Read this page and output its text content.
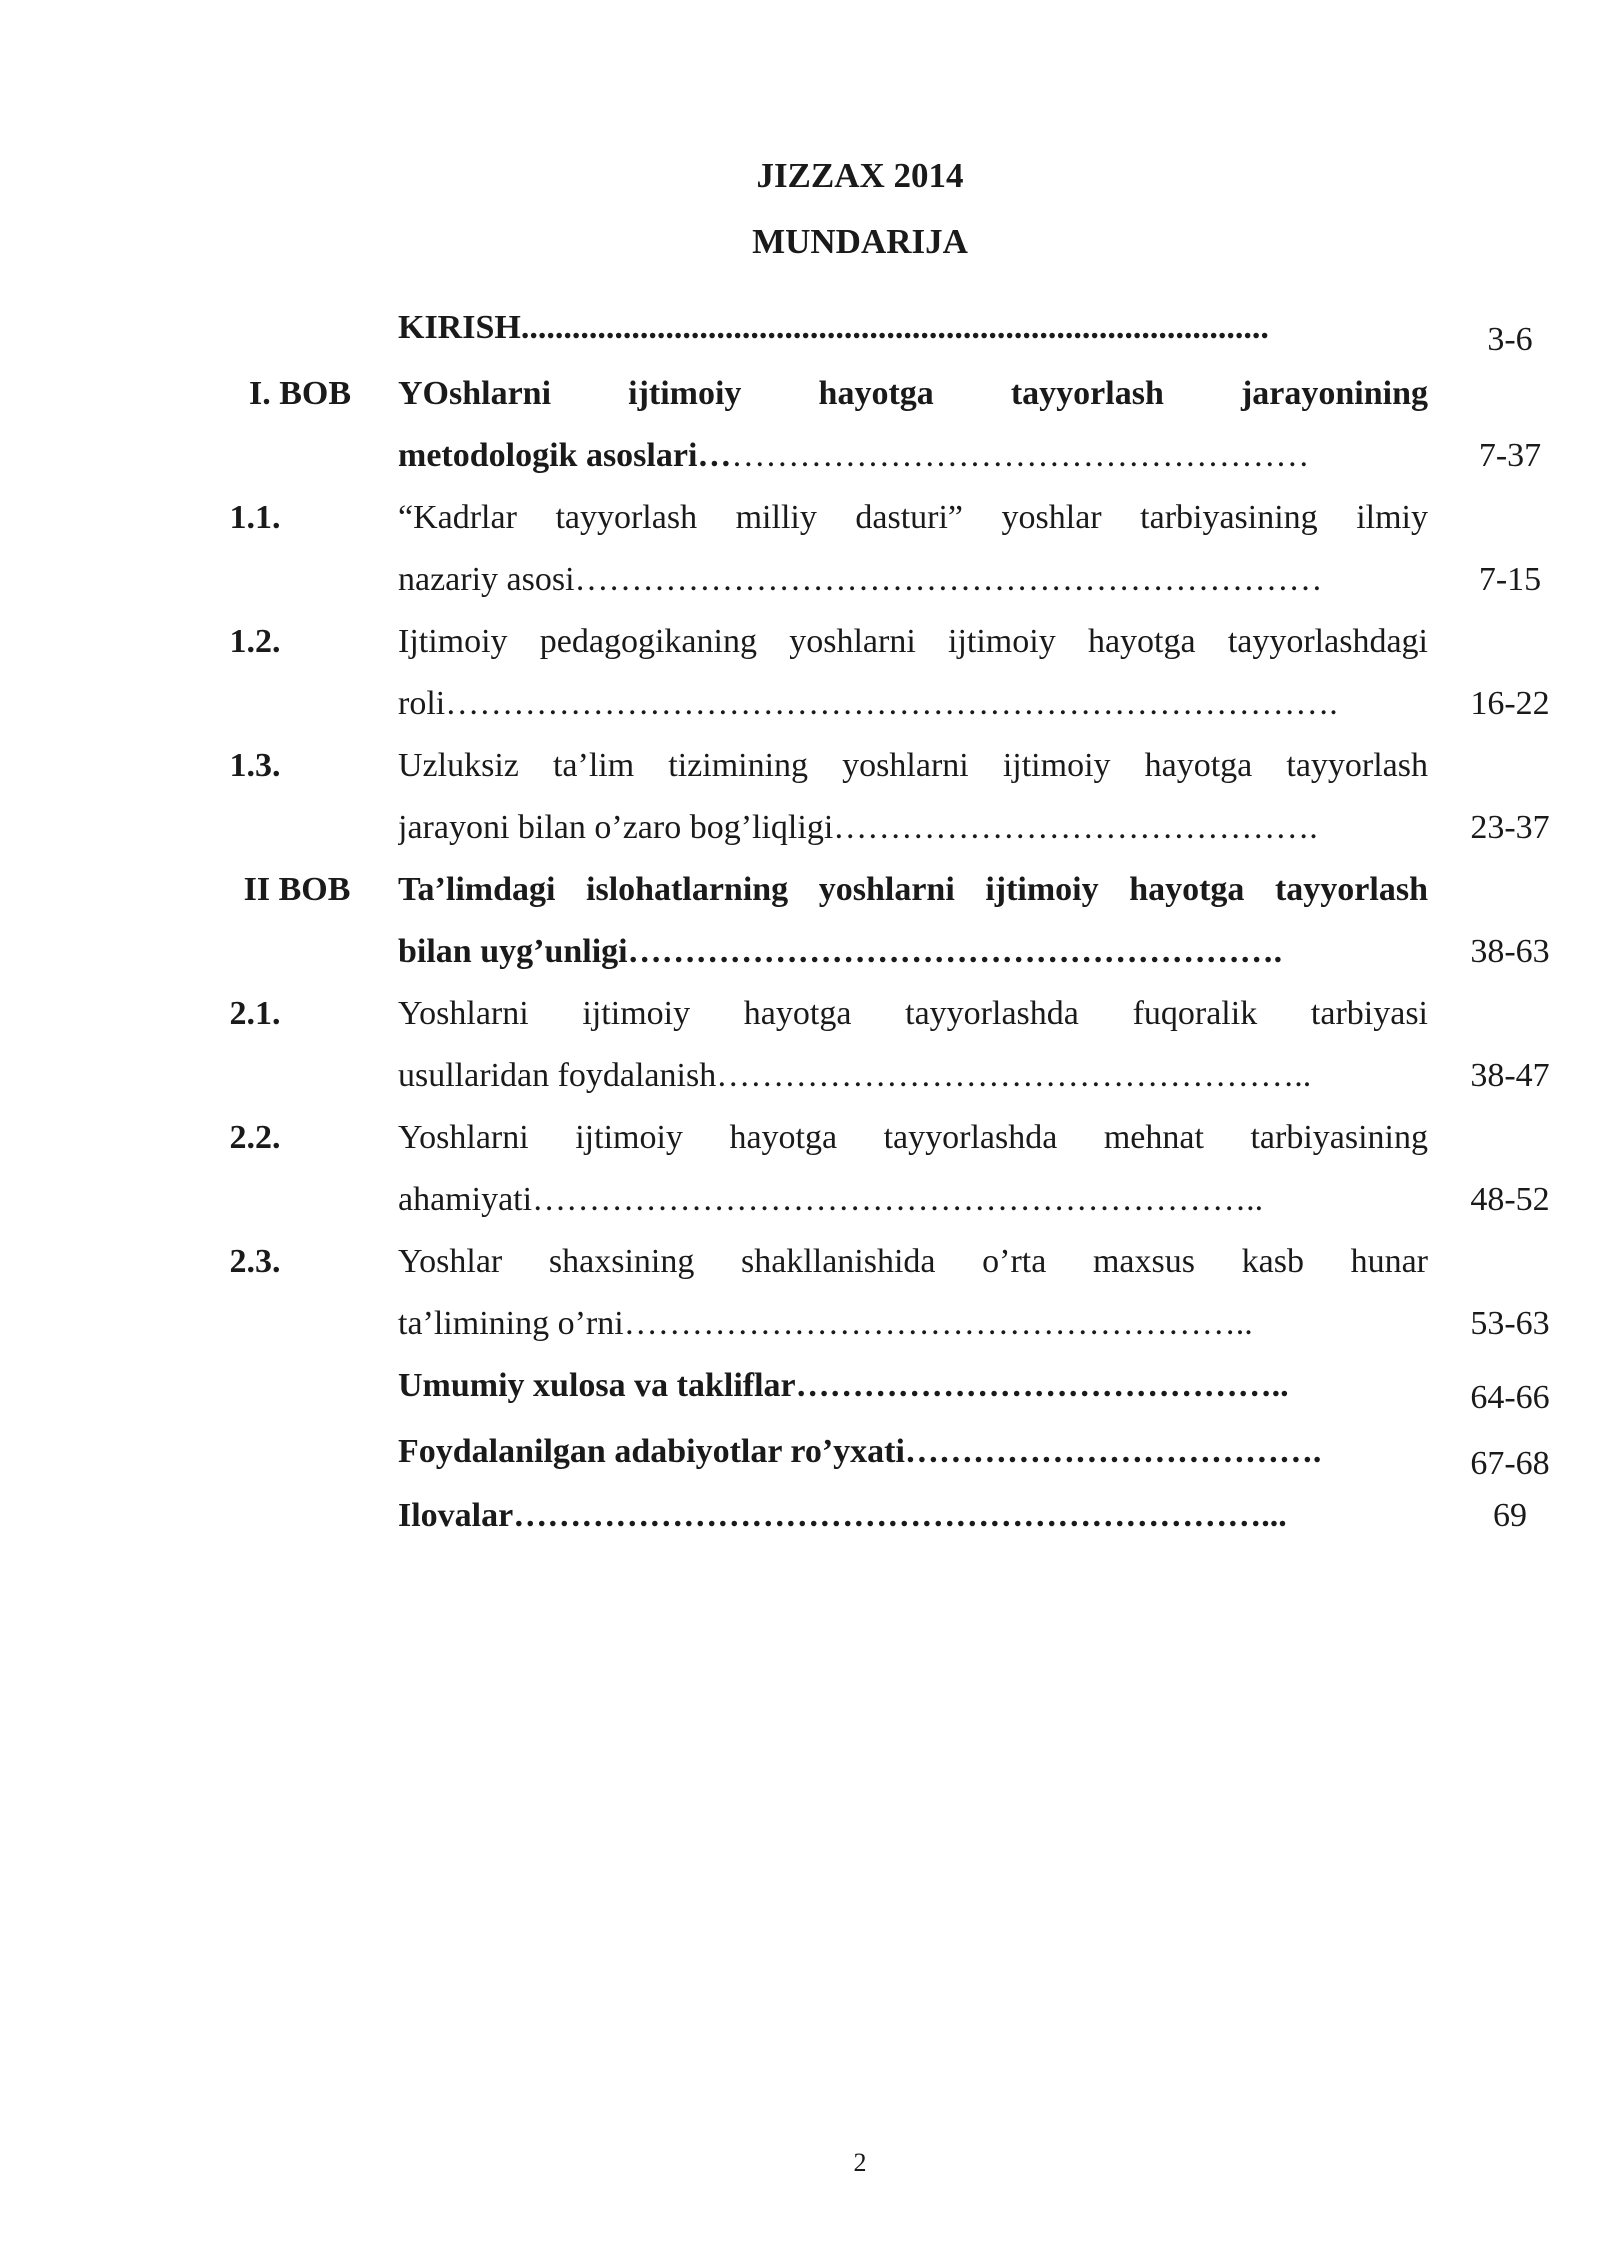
JIZZAX 2014
MUNDARIJA
KIRISH........................................................................................	3-6
I. BOB	YOshlarni ijtimoiy hayotga tayyorlash jarayonining
metodologik asoslari………………………………………………	7-37
1.1.	“Kadrlar tayyorlash milliy dasturi” yoshlar tarbiyasining ilmiy
nazariy asosi…………………………………………………………	7-15
1.2.	Ijtimoiy pedagogikaning yoshlarni ijtimoiy hayotga tayyorlashdagi
roli…………………………………………………………………….	16-22
1.3.	Uzluksiz ta’lim tizimining yoshlarni ijtimoiy hayotga tayyorlash
jarayoni bilan o’zaro bog’liqligi…………………………………….	23-37
II BOB	Ta’limdagi islohatlarning yoshlarni ijtimoiy hayotga tayyorlash
bilan uyg’unligi………………………………………………….	38-63
2.1.	Yoshlarni ijtimoiy hayotga tayyorlashda fuqoralik tarbiyasi
usullaridan foydalanish……………………………………………..	38-47
2.2.	Yoshlarni ijtimoiy hayotga tayyorlashda mehnat tarbiyasining
ahamiyati………………………………………………………..	48-52
2.3.	Yoshlar shaxsining shakllanishida o’rta maxsus kasb hunar
ta’limining o’rni………………………………………………..	53-63
Umumiy xulosa va takliflar……………………………………..	64-66
Foydalanilgan adabiyotlar ro’yxati……………………………….	67-68
Ilovalar…………………………………………………………...	69
2
